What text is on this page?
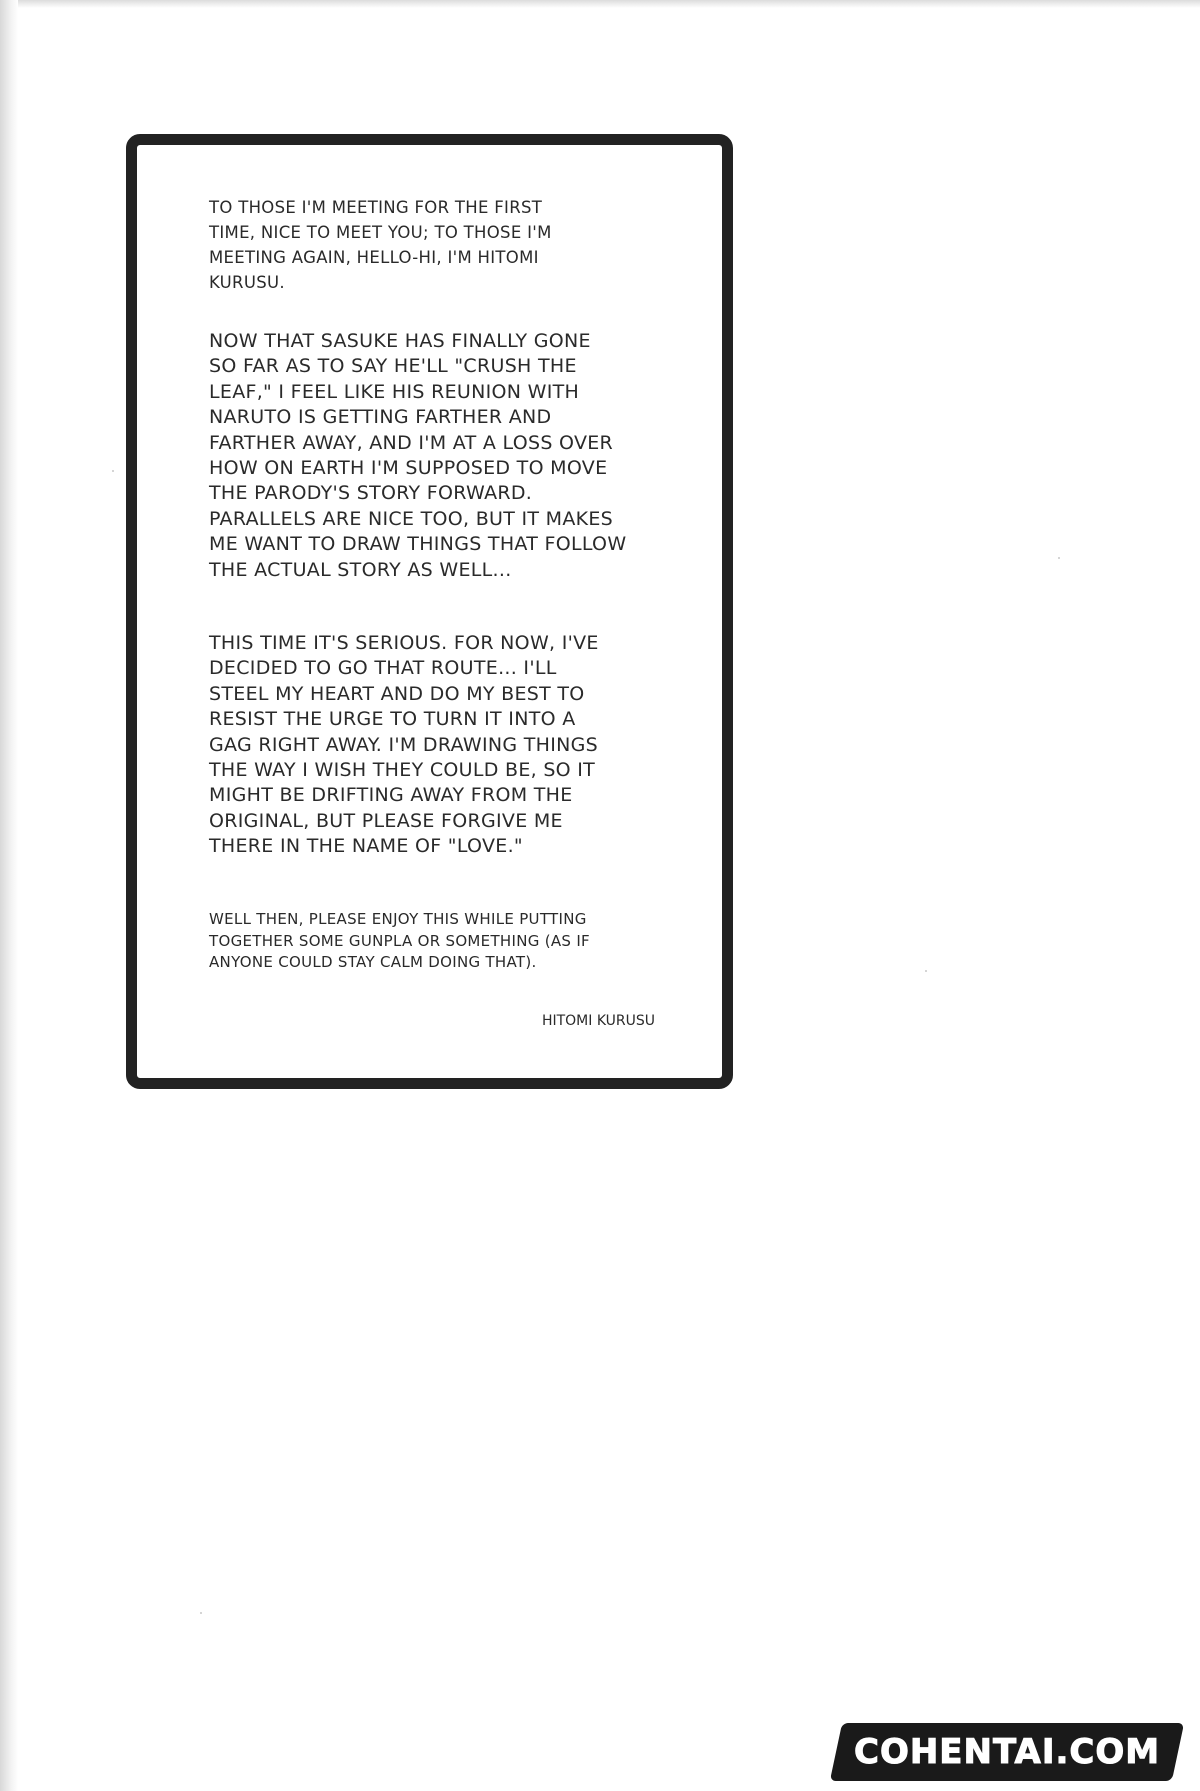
TO THOSE I'M MEETING FOR THE FIRST
TIME, NICE TO MEET YOU; TO THOSE I'M
MEETING AGAIN, HELLO-HI, I'M HITOMI
KURUSU.

NOW THAT SASUKE HAS FINALLY GONE
SO FAR AS TO SAY HE'LL "CRUSH THE
LEAF," I FEEL LIKE HIS REUNION WITH
NARUTO IS GETTING FARTHER AND
FARTHER AWAY, AND I'M AT A LOSS OVER
HOW ON EARTH I'M SUPPOSED TO MOVE
THE PARODY'S STORY FORWARD.
PARALLELS ARE NICE TOO, BUT IT MAKES
ME WANT TO DRAW THINGS THAT FOLLOW
THE ACTUAL STORY AS WELL...

THIS TIME IT'S SERIOUS. FOR NOW, I'VE
DECIDED TO GO THAT ROUTE... I'LL
STEEL MY HEART AND DO MY BEST TO
RESIST THE URGE TO TURN IT INTO A
GAG RIGHT AWAY. I'M DRAWING THINGS
THE WAY I WISH THEY COULD BE, SO IT
MIGHT BE DRIFTING AWAY FROM THE
ORIGINAL, BUT PLEASE FORGIVE ME
THERE IN THE NAME OF "LOVE."

WELL THEN, PLEASE ENJOY THIS WHILE PUTTING
TOGETHER SOME GUNPLA OR SOMETHING (AS IF
ANYONE COULD STAY CALM DOING THAT).

HITOMI KURUSU

COHENTAI.COM
